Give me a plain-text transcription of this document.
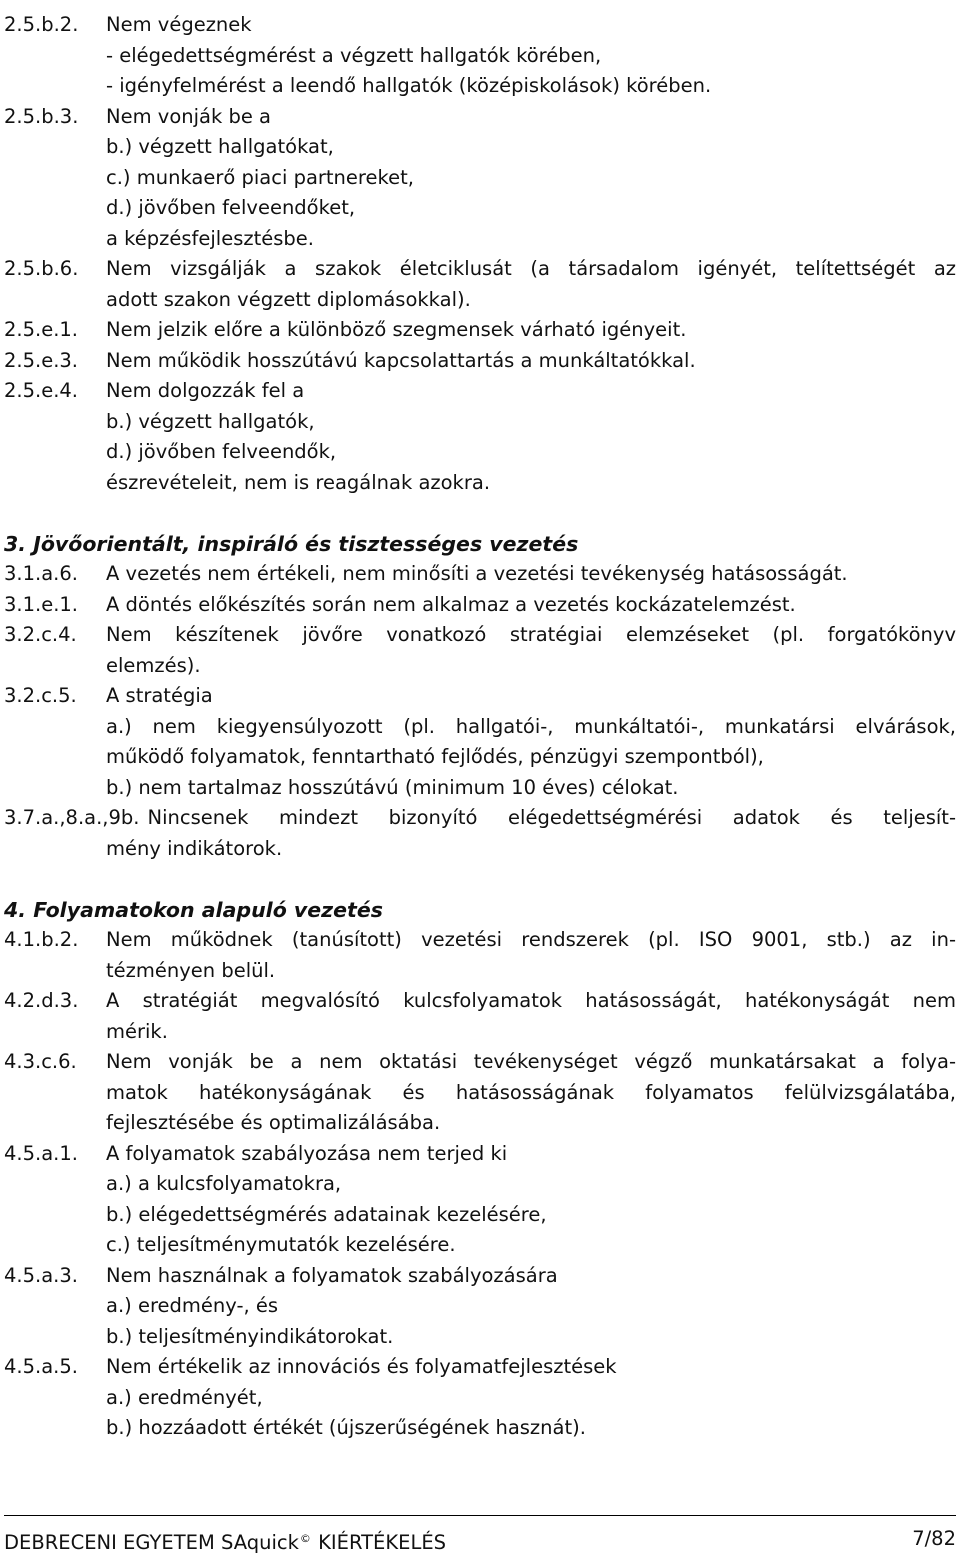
2.5.b.2.	Nem végeznek
- elégedettségmérést a végzett hallgatók körében,
- igényfelmérést a leendő hallgatók (középiskolások) körében.
2.5.b.3.	Nem vonják be a
b.) végzett hallgatókat,
c.) munkaerő piaci partnereket,
d.) jövőben felveendőket,
a képzésfejlesztésbe.
2.5.b.6.	Nem vizsgálják a szakok életciklusát (a társadalom igényét, telítettségét az
adott szakon végzett diplomásokkal).
2.5.e.1.	Nem jelzik előre a különböző szegmensek várható igényeit.
2.5.e.3.	Nem működik hosszútávú kapcsolattartás a munkáltatókkal.
2.5.e.4.	Nem dolgozzák fel a
b.) végzett hallgatók,
d.) jövőben felveendők,
észrevételeit, nem is reagálnak azokra.
3. Jövőorientált, inspiráló és tisztességes vezetés
3.1.a.6.	A vezetés nem értékeli, nem minősíti a vezetési tevékenység hatásosságát.
3.1.e.1.	A döntés előkészítés során nem alkalmaz a vezetés kockázatelemzést.
3.2.c.4.	Nem készítenek jövőre vonatkozó stratégiai elemzéseket (pl. forgatókönyv
elemzés).
3.2.c.5.	A stratégia
a.) nem kiegyensúlyozott (pl. hallgatói-, munkáltatói-, munkatársi elvárások,
működő folyamatok, fenntartható fejlődés, pénzügyi szempontból),
b.) nem tartalmaz hosszútávú (minimum 10 éves) célokat.
3.7.a.,8.a.,9b. Nincsenek mindezt bizonyító elégedettségmérési adatok és teljesít-
mény indikátorok.
4. Folyamatokon alapuló vezetés
4.1.b.2.	Nem működnek (tanúsított) vezetési rendszerek (pl. ISO 9001, stb.) az in-
tézményen belül.
4.2.d.3.	A stratégiát megvalósító kulcsfolyamatok hatásosságát, hatékonyságát nem
mérik.
4.3.c.6.	Nem vonják be a nem oktatási tevékenységet végző munkatársakat a folya-
matok hatékonyságának és hatásosságának folyamatos felülvizsgálatába,
fejlesztésébe és optimalizálásába.
4.5.a.1.	A folyamatok szabályozása nem terjed ki
a.) a kulcsfolyamatokra,
b.) elégedettségmérés adatainak kezelésére,
c.) teljesítménymutatók kezelésére.
4.5.a.3.	Nem használnak a folyamatok szabályozására
a.) eredmény-, és
b.) teljesítményindikátorokat.
4.5.a.5.	Nem értékelik az innovációs és folyamatfejlesztések
a.) eredményét,
b.) hozzáadott értékét (újszerűségének hasznát).
DEBRECENI EGYETEM SAquick© KIÉRTÉKELÉS	7/82
